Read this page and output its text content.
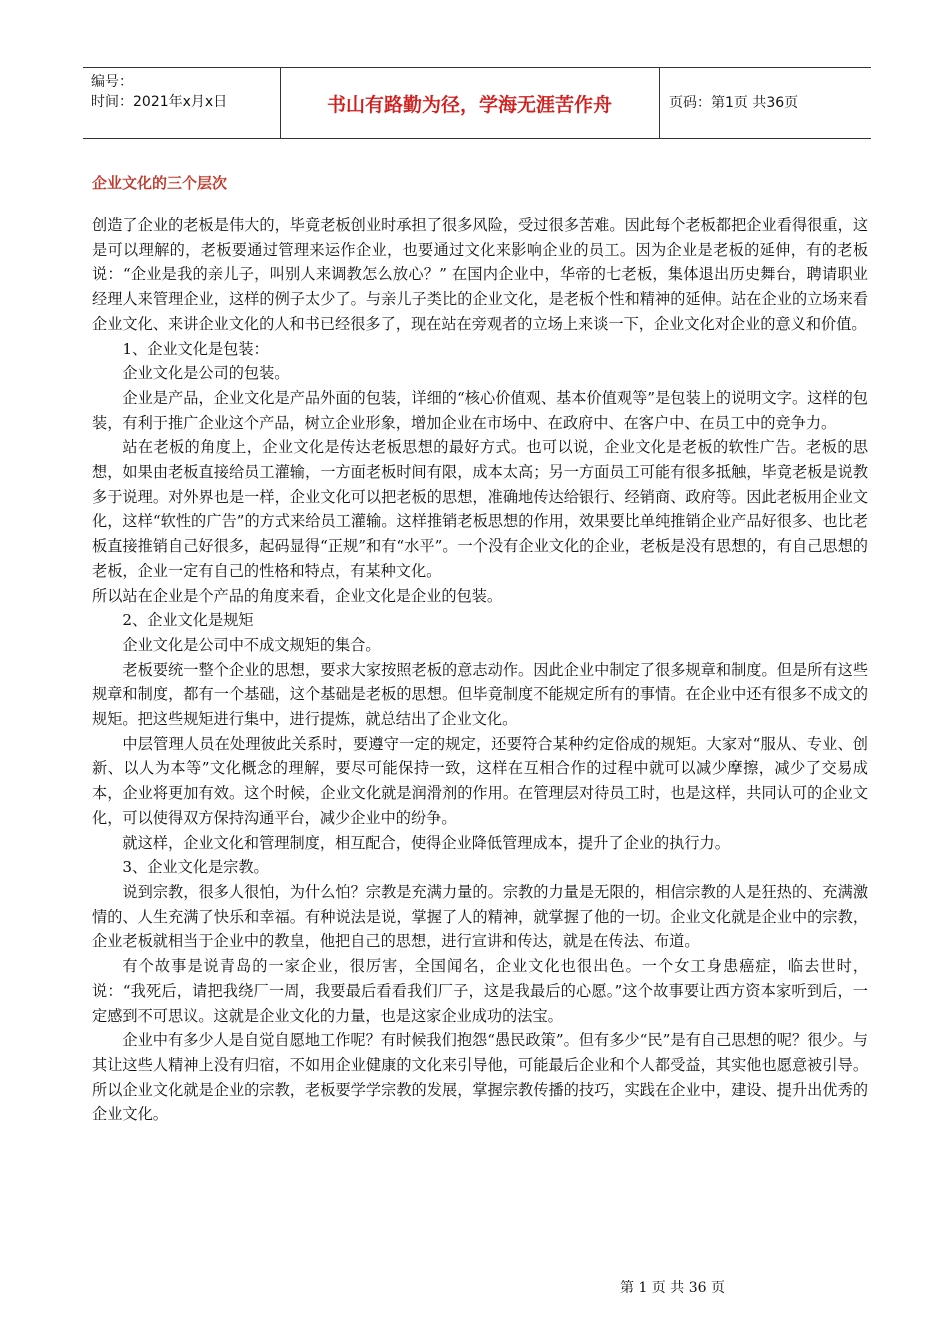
编号：
时间：2021年x月x日	书山有路勤为径，学海无涯苦作舟	页码：第1页 共36页
企业文化的三个层次

创造了企业的老板是伟大的，毕竟老板创业时承担了很多风险，受过很多苦难。因此每个老板都把企业看得很重，这是可以理解的，老板要通过管理来运作企业，也要通过文化来影响企业的员工。因为企业是老板的延伸，有的老板说：“企业是我的亲儿子，叫别人来调教怎么放心？” 在国内企业中，华帝的七老板，集体退出历史舞台，聘请职业经理人来管理企业，这样的例子太少了。与亲儿子类比的企业文化，是老板个性和精神的延伸。站在企业的立场来看企业文化、来讲企业文化的人和书已经很多了，现在站在旁观者的立场上来谈一下，企业文化对企业的意义和价值。

1、企业文化是包装：

企业文化是公司的包装。

企业是产品，企业文化是产品外面的包装，详细的“核心价值观、基本价值观等”是包装上的说明文字。这样的包装，有利于推广企业这个产品，树立企业形象，增加企业在市场中、在政府中、在客户中、在员工中的竞争力。

站在老板的角度上，企业文化是传达老板思想的最好方式。也可以说，企业文化是老板的软性广告。老板的思想，如果由老板直接给员工灌输，一方面老板时间有限，成本太高；另一方面员工可能有很多抵触，毕竟老板是说教多于说理。对外界也是一样，企业文化可以把老板的思想，准确地传达给银行、经销商、政府等。因此老板用企业文化，这样“软性的广告”的方式来给员工灌输。这样推销老板思想的作用，效果要比单纯推销企业产品好很多、也比老板直接推销自己好很多，起码显得“正规”和有“水平”。一个没有企业文化的企业，老板是没有思想的，有自己思想的老板，企业一定有自己的性格和特点，有某种文化。

所以站在企业是个产品的角度来看，企业文化是企业的包装。

2、企业文化是规矩

企业文化是公司中不成文规矩的集合。

老板要统一整个企业的思想，要求大家按照老板的意志动作。因此企业中制定了很多规章和制度。但是所有这些规章和制度，都有一个基础，这个基础是老板的思想。但毕竟制度不能规定所有的事情。在企业中还有很多不成文的规矩。把这些规矩进行集中，进行提炼，就总结出了企业文化。

中层管理人员在处理彼此关系时，要遵守一定的规定，还要符合某种约定俗成的规矩。大家对“服从、专业、创新、以人为本等”文化概念的理解，要尽可能保持一致，这样在互相合作的过程中就可以减少摩擦，减少了交易成本，企业将更加有效。这个时候，企业文化就是润滑剂的作用。在管理层对待员工时，也是这样，共同认可的企业文化，可以使得双方保持沟通平台，减少企业中的纷争。

就这样，企业文化和管理制度，相互配合，使得企业降低管理成本，提升了企业的执行力。

3、企业文化是宗教。

说到宗教，很多人很怕，为什么怕？宗教是充满力量的。宗教的力量是无限的，相信宗教的人是狂热的、充满激情的、人生充满了快乐和幸福。有种说法是说，掌握了人的精神，就掌握了他的一切。企业文化就是企业中的宗教，企业老板就相当于企业中的教皇，他把自己的思想，进行宣讲和传达，就是在传法、布道。

有个故事是说青岛的一家企业，很厉害，全国闻名，企业文化也很出色。一个女工身患癌症，临去世时，说：“我死后，请把我绕厂一周，我要最后看看我们厂子，这是我最后的心愿。”这个故事要让西方资本家听到后，一定感到不可思议。这就是企业文化的力量，也是这家企业成功的法宝。

企业中有多少人是自觉自愿地工作呢？有时候我们抱怨“愚民政策”。但有多少“民”是有自己思想的呢？很少。与其让这些人精神上没有归宿，不如用企业健康的文化来引导他，可能最后企业和个人都受益，其实他也愿意被引导。所以企业文化就是企业的宗教，老板要学学宗教的发展，掌握宗教传播的技巧，实践在企业中，建设、提升出优秀的企业文化。

第 1 页 共 36 页
